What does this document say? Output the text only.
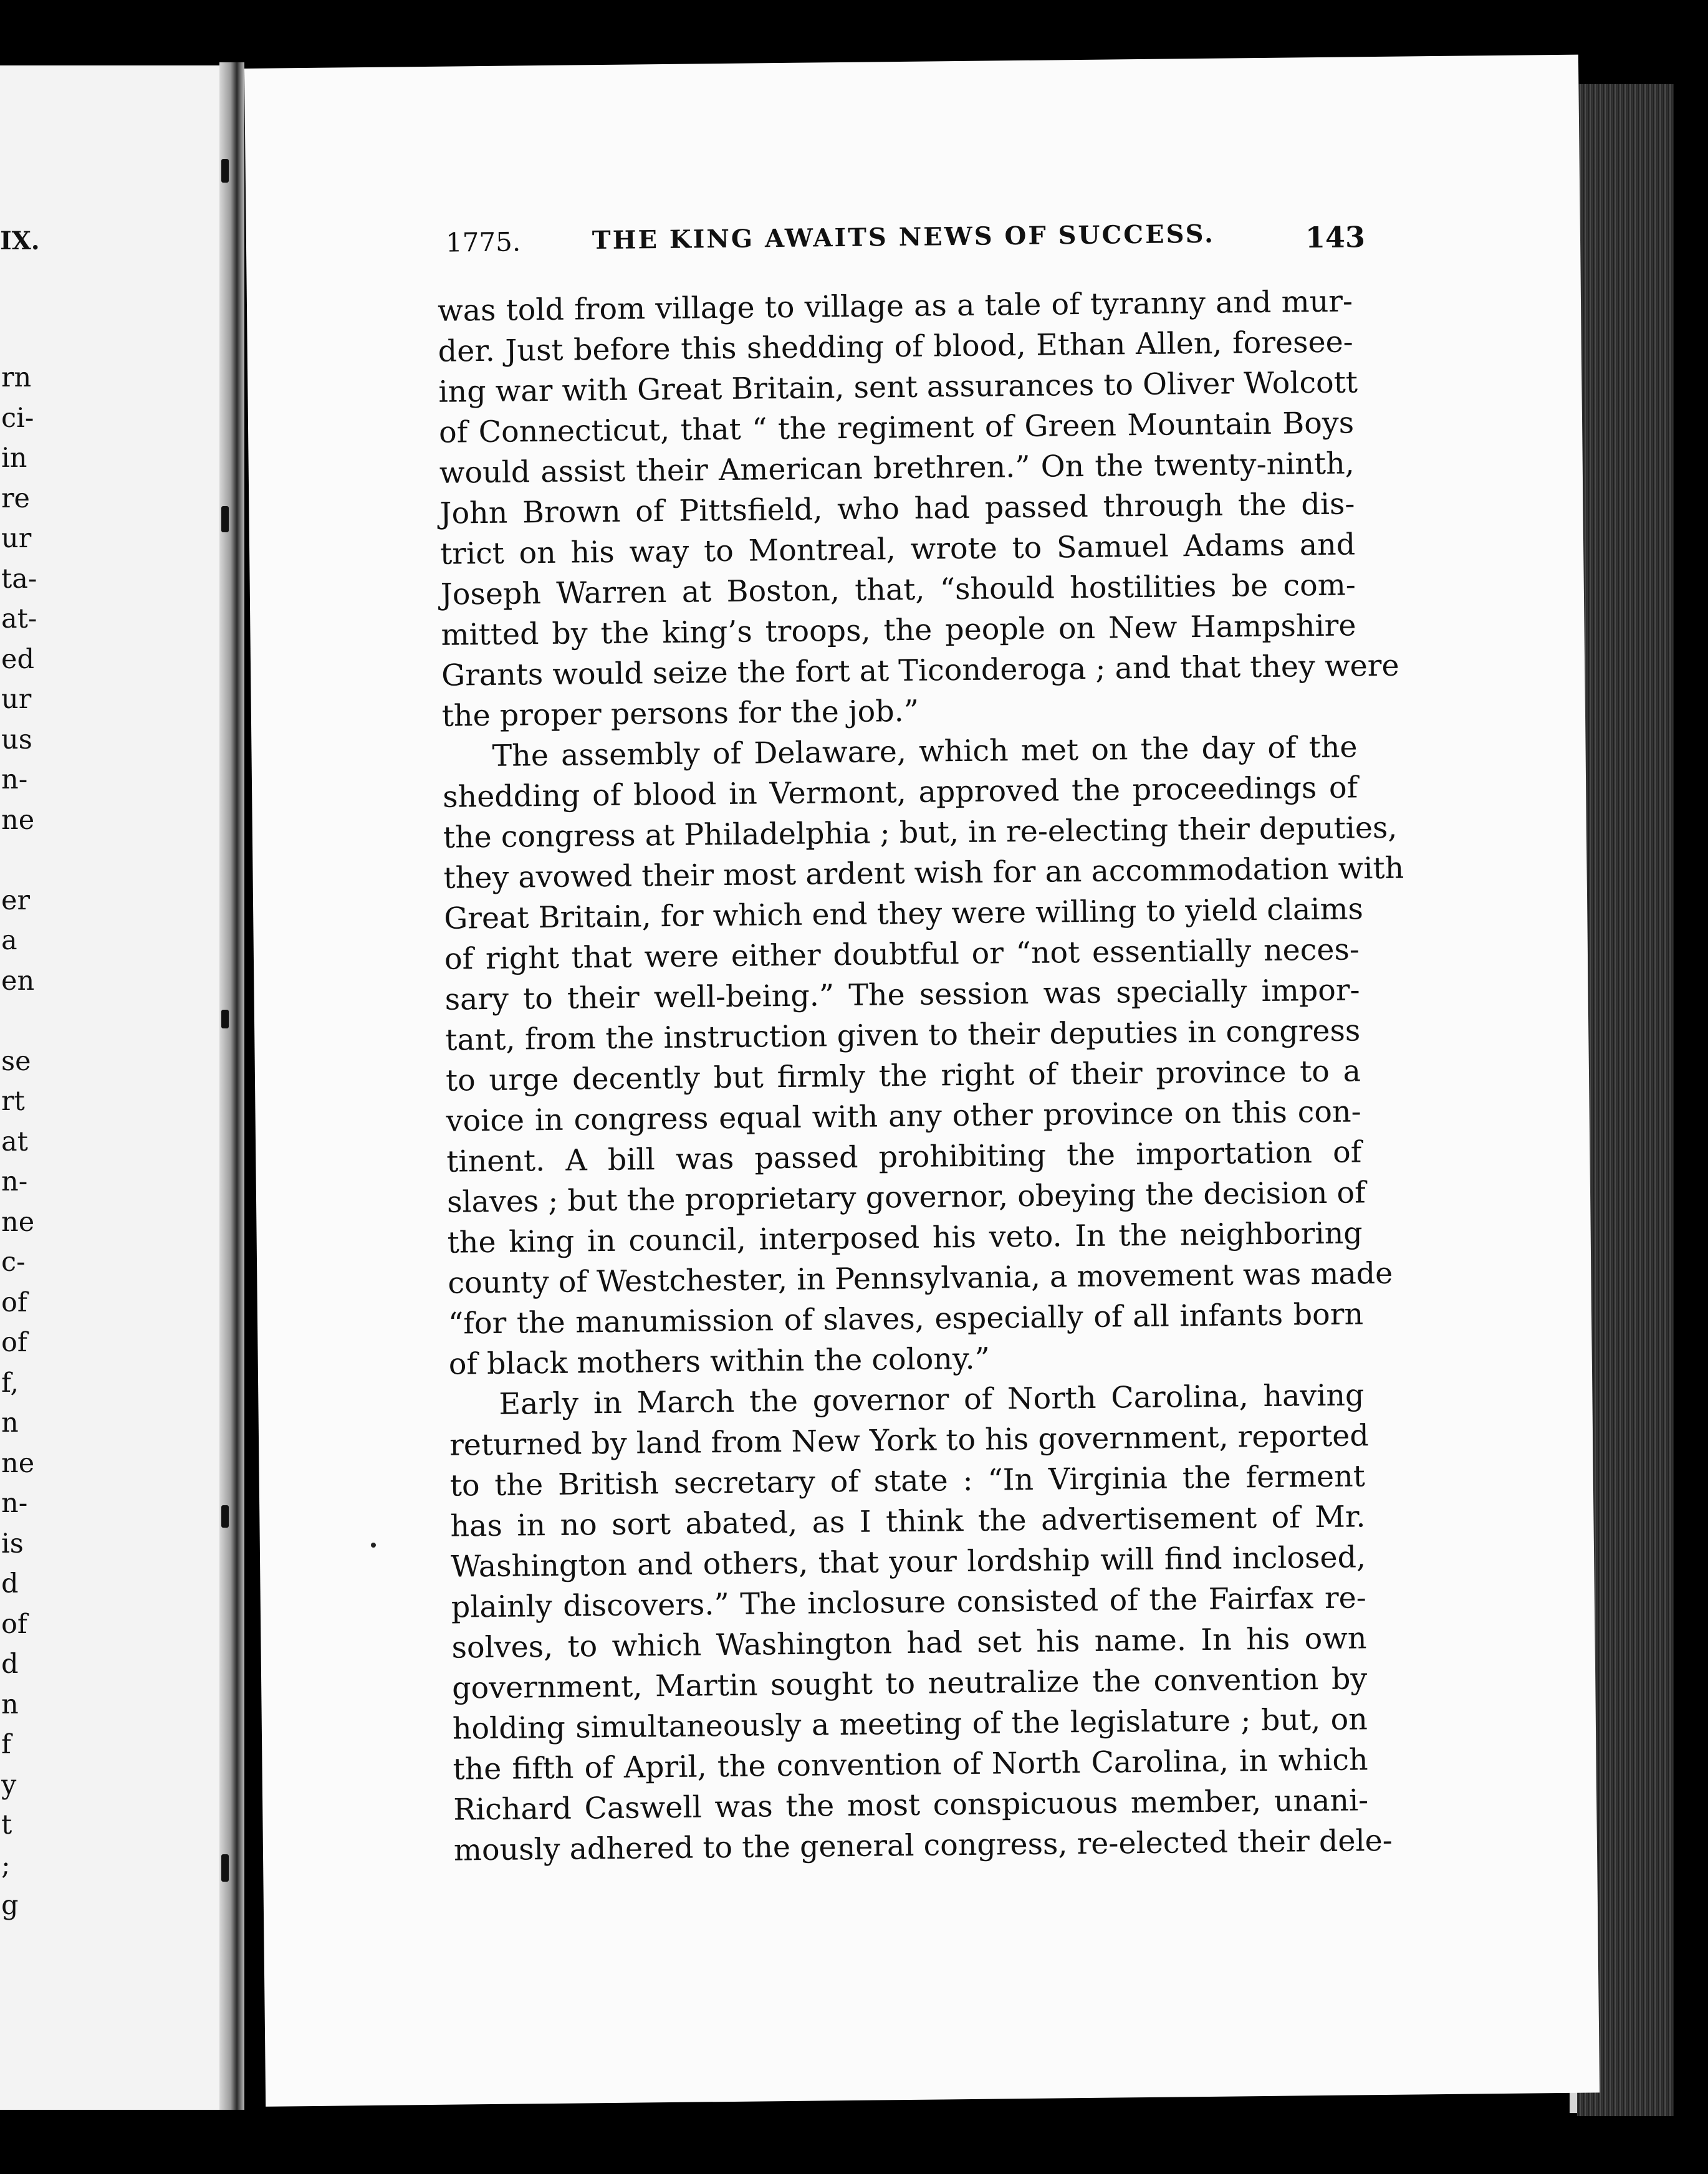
IX.
rn
ci-
in
re
ur
ta-
at-
ed
ur
us
n-
ne
er
a
en
se
rt
at
n-
ne
c-
of
of
f,
n
ne
n-
is
d
of
d
n
f
y
t
;
g
1775.	THE KING AWAITS NEWS OF SUCCESS.	143
was told from village to village as a tale of tyranny and mur-
der. Just before this shedding of blood, Ethan Allen, foresee-
ing war with Great Britain, sent assurances to Oliver Wolcott
of Connecticut, that “ the regiment of Green Mountain Boys
would assist their American brethren.” On the twenty-ninth,
John Brown of Pittsfield, who had passed through the dis-
trict on his way to Montreal, wrote to Samuel Adams and
Joseph Warren at Boston, that, “should hostilities be com-
mitted by the king’s troops, the people on New Hampshire
Grants would seize the fort at Ticonderoga ; and that they were
the proper persons for the job.”
The assembly of Delaware, which met on the day of the
shedding of blood in Vermont, approved the proceedings of
the congress at Philadelphia ; but, in re-electing their deputies,
they avowed their most ardent wish for an accommodation with
Great Britain, for which end they were willing to yield claims
of right that were either doubtful or “not essentially neces-
sary to their well-being.” The session was specially impor-
tant, from the instruction given to their deputies in congress
to urge decently but firmly the right of their province to a
voice in congress equal with any other province on this con-
tinent. A bill was passed prohibiting the importation of
slaves ; but the proprietary governor, obeying the decision of
the king in council, interposed his veto. In the neighboring
county of Westchester, in Pennsylvania, a movement was made
“for the manumission of slaves, especially of all infants born
of black mothers within the colony.”
Early in March the governor of North Carolina, having
returned by land from New York to his government, reported
to the British secretary of state : “In Virginia the ferment
has in no sort abated, as I think the advertisement of Mr.
Washington and others, that your lordship will find inclosed,
plainly discovers.” The inclosure consisted of the Fairfax re-
solves, to which Washington had set his name. In his own
government, Martin sought to neutralize the convention by
holding simultaneously a meeting of the legislature ; but, on
the fifth of April, the convention of North Carolina, in which
Richard Caswell was the most conspicuous member, unani-
mously adhered to the general congress, re-elected their dele-
